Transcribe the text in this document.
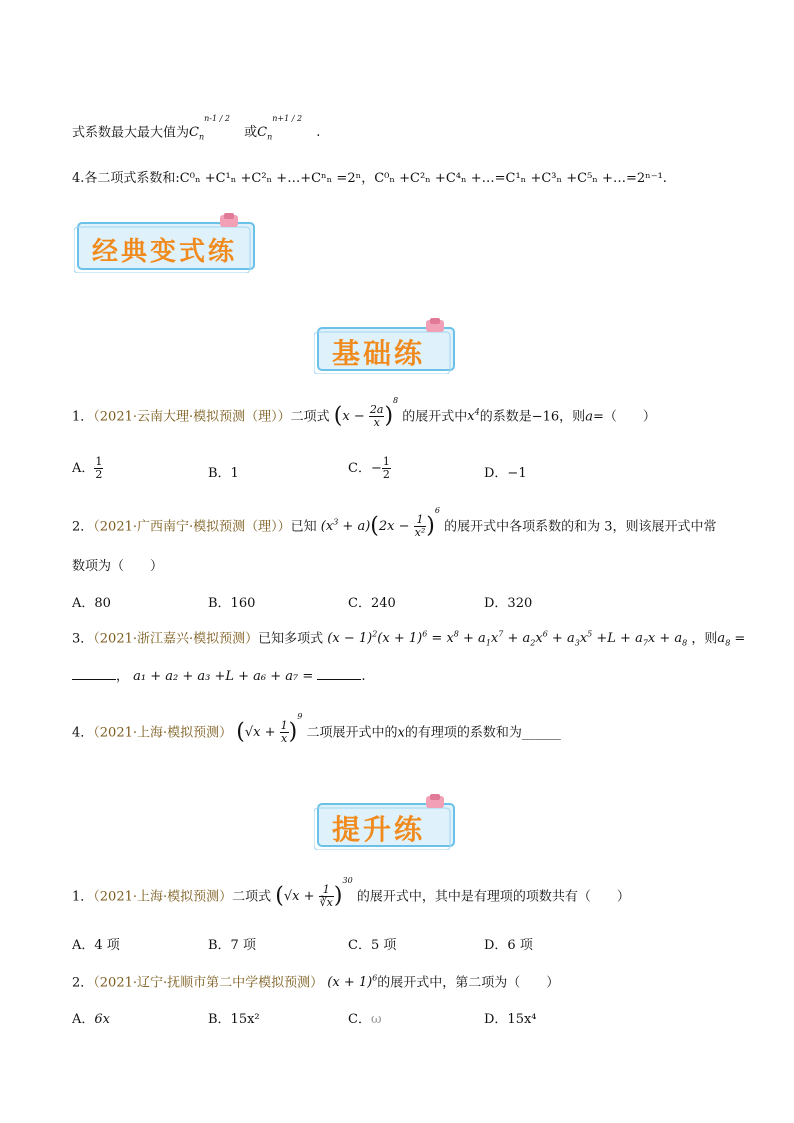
式系数最大最大值为$C_n^{n-1 / 2}$ 或$C_n^{n+1 / 2}$ .
4.各二项式系数和:C⁰ₙ +C¹ₙ +C²ₙ +…+Cⁿₙ =2ⁿ，C⁰ₙ +C²ₙ +C⁴ₙ +…=C¹ₙ +C³ₙ +C⁵ₙ +…=2ⁿ⁻¹.
经典变式练
基础练
1．（2021·云南大理·模拟预测（理））二项式 $(x - \frac{2a}{x} )^8$ 的展开式中$x^4$的系数是−16，则a=（　　）
A． $\frac{1}{2}$	B．1	C．− $\frac{1}{2}$	D．−1
2．（2021·广西南宁·模拟预测（理））已知 $(x^3 + a)(2x - \frac{1}{\text{x²}} )^6$ 的展开式中各项系数的和为 3，则该展开式中常
数项为（　　）
A．80	B．160	C．240	D．320
3．（2021·浙江嘉兴·模拟预测）已知多项式 $(x - 1)^2(x + 1)^6 = x^8 + a_1x^7 + a_2x^6 + a_3x^5 +L + a_7x + a_8$ ，则$a_8$ =
， a₁ + a₂ + a₃ +L + a₆ + a₇ =	.
4．（2021·上海·模拟预测） $(√x + \frac{1}{x} )^9$ 二项展开式中的x的有理项的系数和为______
提升练
1．（2021·上海·模拟预测）二项式 $(√x + \frac{1}{∛x} )^{30}$ 的展开式中，其中是有理项的项数共有（　　）
A．4 项	B．7 项	C．5 项	D．6 项
2．（2021·辽宁·抚顺市第二中学模拟预测） $(x + 1)^6$的展开式中，第二项为（　　）
A．6x	B．15x²	C．ω	D．15x⁴
